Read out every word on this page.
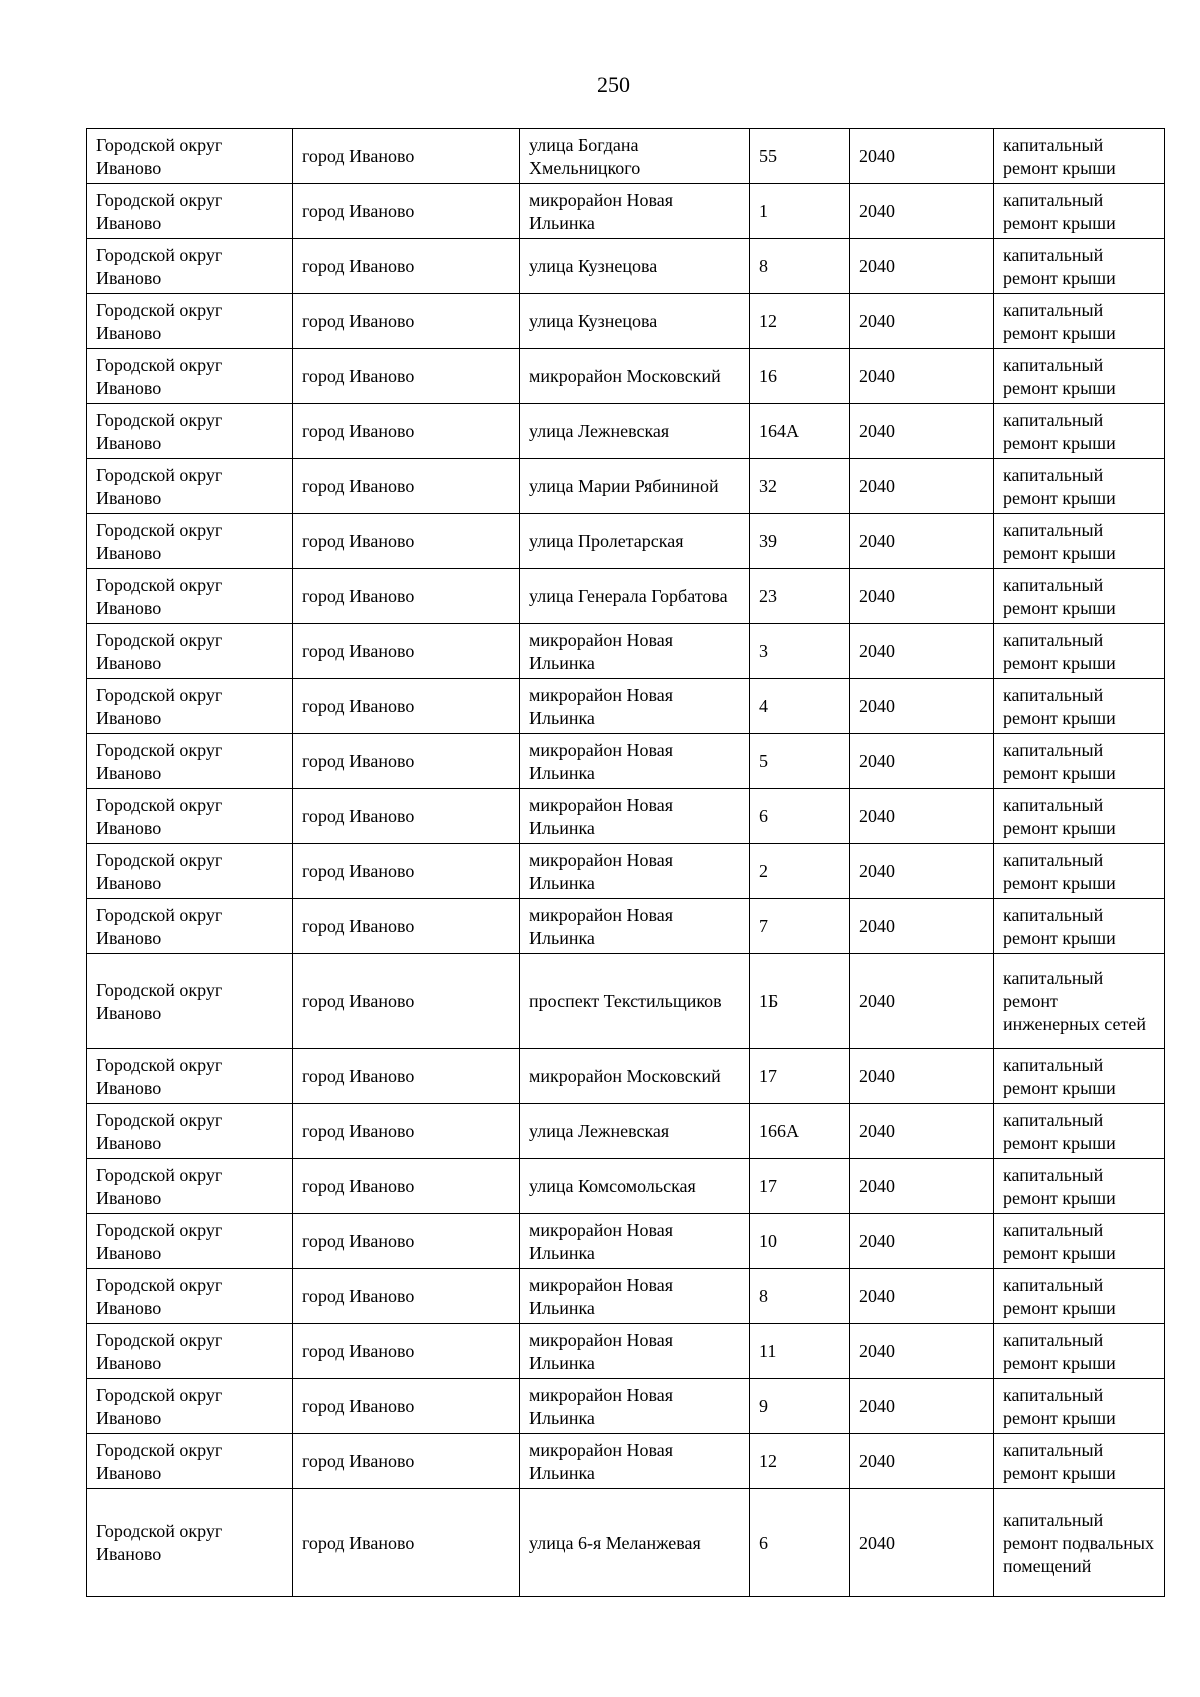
250
Городской округ Иваново	город Иваново	улица Богдана Хмельницкого	55	2040	капитальный ремонт крыши
Городской округ Иваново	город Иваново	микрорайон Новая Ильинка	1	2040	капитальный ремонт крыши
Городской округ Иваново	город Иваново	улица Кузнецова	8	2040	капитальный ремонт крыши
Городской округ Иваново	город Иваново	улица Кузнецова	12	2040	капитальный ремонт крыши
Городской округ Иваново	город Иваново	микрорайон Московский	16	2040	капитальный ремонт крыши
Городской округ Иваново	город Иваново	улица Лежневская	164А	2040	капитальный ремонт крыши
Городской округ Иваново	город Иваново	улица Марии Рябининой	32	2040	капитальный ремонт крыши
Городской округ Иваново	город Иваново	улица Пролетарская	39	2040	капитальный ремонт крыши
Городской округ Иваново	город Иваново	улица Генерала Горбатова	23	2040	капитальный ремонт крыши
Городской округ Иваново	город Иваново	микрорайон Новая Ильинка	3	2040	капитальный ремонт крыши
Городской округ Иваново	город Иваново	микрорайон Новая Ильинка	4	2040	капитальный ремонт крыши
Городской округ Иваново	город Иваново	микрорайон Новая Ильинка	5	2040	капитальный ремонт крыши
Городской округ Иваново	город Иваново	микрорайон Новая Ильинка	6	2040	капитальный ремонт крыши
Городской округ Иваново	город Иваново	микрорайон Новая Ильинка	2	2040	капитальный ремонт крыши
Городской округ Иваново	город Иваново	микрорайон Новая Ильинка	7	2040	капитальный ремонт крыши
Городской округ Иваново	город Иваново	проспект Текстильщиков	1Б	2040	капитальный ремонт инженерных сетей
Городской округ Иваново	город Иваново	микрорайон Московский	17	2040	капитальный ремонт крыши
Городской округ Иваново	город Иваново	улица Лежневская	166А	2040	капитальный ремонт крыши
Городской округ Иваново	город Иваново	улица Комсомольская	17	2040	капитальный ремонт крыши
Городской округ Иваново	город Иваново	микрорайон Новая Ильинка	10	2040	капитальный ремонт крыши
Городской округ Иваново	город Иваново	микрорайон Новая Ильинка	8	2040	капитальный ремонт крыши
Городской округ Иваново	город Иваново	микрорайон Новая Ильинка	11	2040	капитальный ремонт крыши
Городской округ Иваново	город Иваново	микрорайон Новая Ильинка	9	2040	капитальный ремонт крыши
Городской округ Иваново	город Иваново	микрорайон Новая Ильинка	12	2040	капитальный ремонт крыши
Городской округ Иваново	город Иваново	улица 6-я Меланжевая	6	2040	капитальный ремонт подвальных помещений
